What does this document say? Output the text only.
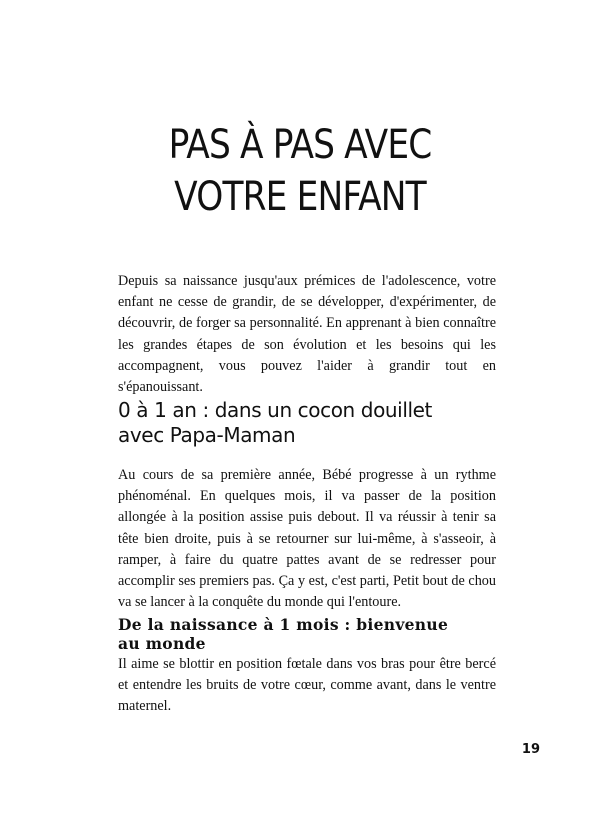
PAS À PAS AVEC
VOTRE ENFANT

Depuis sa naissance jusqu'aux prémices de l'adolescence, votre enfant ne cesse de grandir, de se développer, d'expérimenter, de découvrir, de forger sa personnalité. En apprenant à bien connaître les grandes étapes de son évolution et les besoins qui les accompagnent, vous pouvez l'aider à grandir tout en s'épanouissant.

0 à 1 an : dans un cocon douillet
avec Papa-Maman

Au cours de sa première année, Bébé progresse à un rythme phénoménal. En quelques mois, il va passer de la position allongée à la position assise puis debout. Il va réussir à tenir sa tête bien droite, puis à se retourner sur lui-même, à s'asseoir, à ramper, à faire du quatre pattes avant de se redresser pour accomplir ses premiers pas. Ça y est, c'est parti, Petit bout de chou va se lancer à la conquête du monde qui l'entoure.

De la naissance à 1 mois : bienvenue
au monde

Il aime se blottir en position fœtale dans vos bras pour être bercé et entendre les bruits de votre cœur, comme avant, dans le ventre maternel.

19
